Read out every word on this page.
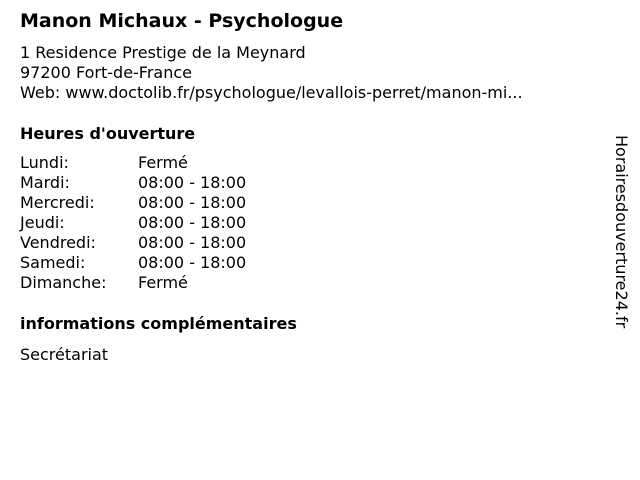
Manon Michaux - Psychologue
1 Residence Prestige de la Meynard
97200 Fort-de-France
Web: www.doctolib.fr/psychologue/levallois-perret/manon-mi...
Heures d'ouverture
Lundi:	Fermé
Mardi:	08:00 - 18:00
Mercredi:	08:00 - 18:00
Jeudi:	08:00 - 18:00
Vendredi:	08:00 - 18:00
Samedi:	08:00 - 18:00
Dimanche: Fermé
informations complémentaires
Secrétariat
Horairesdouverture24.fr
